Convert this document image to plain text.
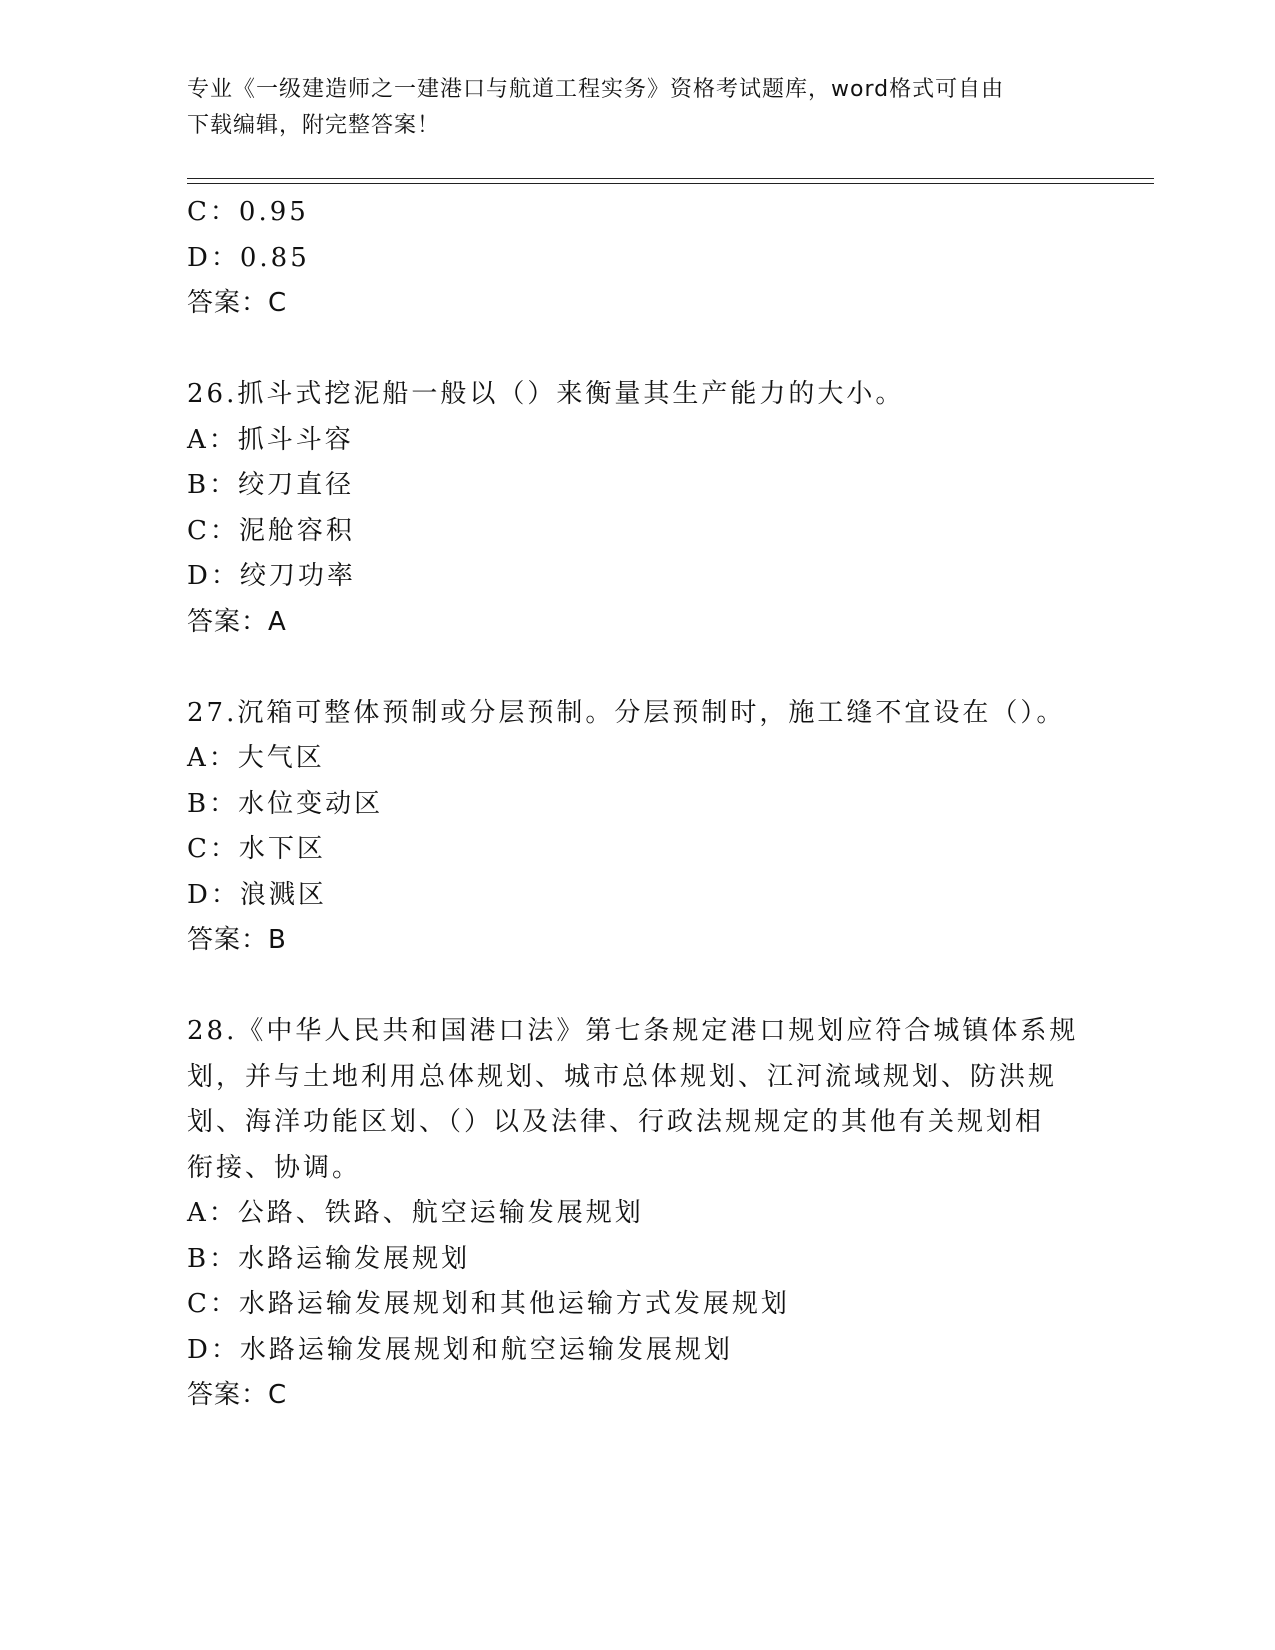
专业《一级建造师之一建港口与航道工程实务》资格考试题库，word格式可自由
下载编辑，附完整答案！
C：0.95
D：0.85
答案：C
26.抓斗式挖泥船一般以（）来衡量其生产能力的大小。
A：抓斗斗容
B：绞刀直径
C：泥舱容积
D：绞刀功率
答案：A
27.沉箱可整体预制或分层预制。分层预制时，施工缝不宜设在（）。
A：大气区
B：水位变动区
C：水下区
D：浪溅区
答案：B
28.《中华人民共和国港口法》第七条规定港口规划应符合城镇体系规
划，并与土地利用总体规划、城市总体规划、江河流域规划、防洪规
划、海洋功能区划、（）以及法律、行政法规规定的其他有关规划相
衔接、协调。
A：公路、铁路、航空运输发展规划
B：水路运输发展规划
C：水路运输发展规划和其他运输方式发展规划
D：水路运输发展规划和航空运输发展规划
答案：C
